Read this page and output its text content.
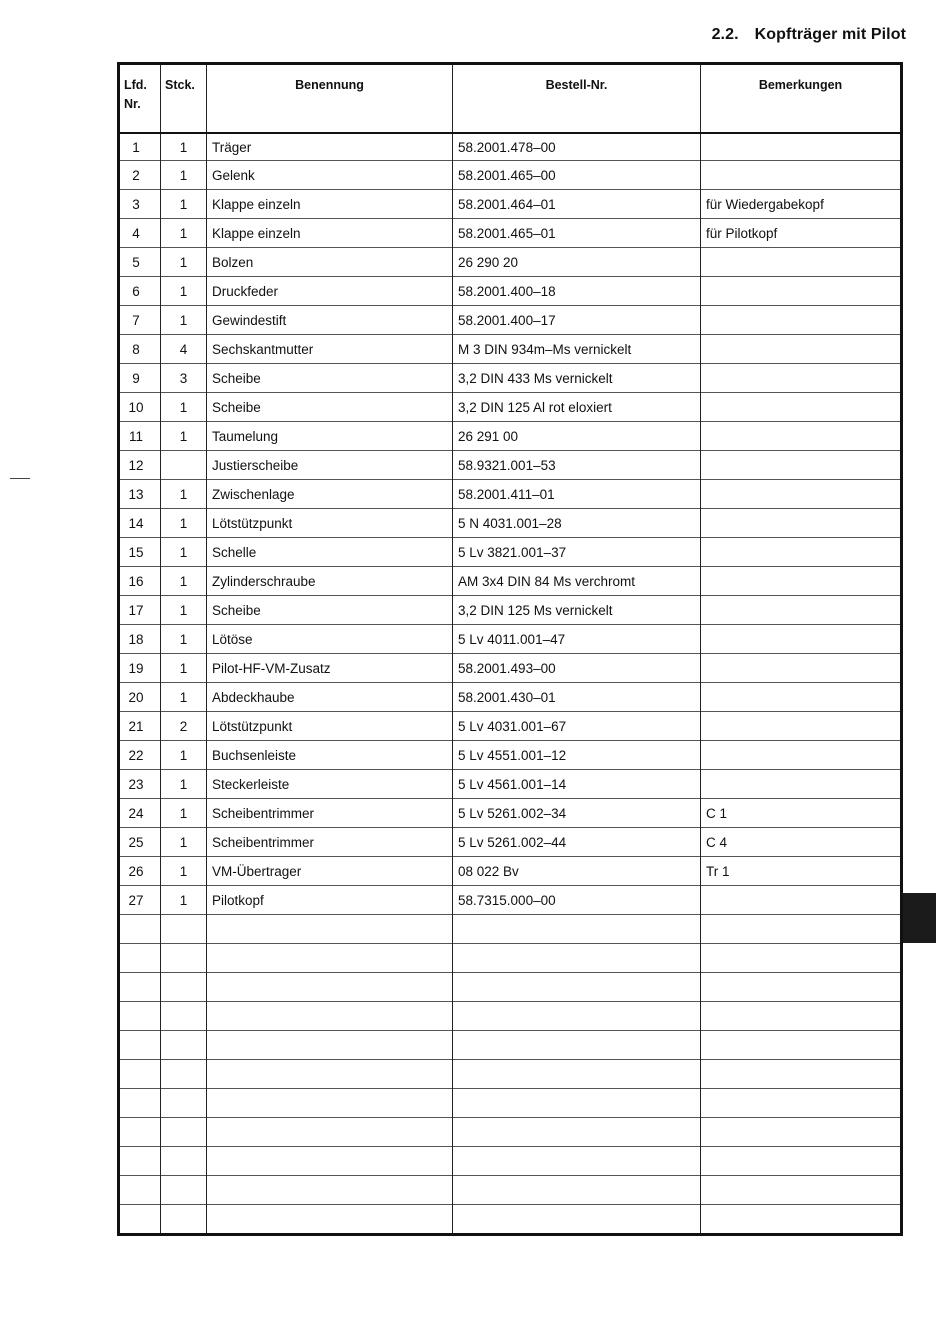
2.2. Kopfträger mit Pilot
Lfd.
Nr.	Stck.	Benennung	Bestell-Nr.	Bemerkungen
1	1	Träger	58.2001.478–00	
2	1	Gelenk	58.2001.465–00	
3	1	Klappe einzeln	58.2001.464–01	für Wiedergabekopf
4	1	Klappe einzeln	58.2001.465–01	für Pilotkopf
5	1	Bolzen	26 290 20	
6	1	Druckfeder	58.2001.400–18	
7	1	Gewindestift	58.2001.400–17	
8	4	Sechskantmutter	M 3 DIN 934m–Ms vernickelt	
9	3	Scheibe	3,2 DIN 433 Ms vernickelt	
10	1	Scheibe	3,2 DIN 125 Al rot eloxiert	
11	1	Taumelung	26 291 00	
12		Justierscheibe	58.9321.001–53	
13	1	Zwischenlage	58.2001.411–01	
14	1	Lötstützpunkt	5 N 4031.001–28	
15	1	Schelle	5 Lv 3821.001–37	
16	1	Zylinderschraube	AM 3x4 DIN 84 Ms verchromt	
17	1	Scheibe	3,2 DIN 125 Ms vernickelt	
18	1	Lötöse	5 Lv 4011.001–47	
19	1	Pilot-HF-VM-Zusatz	58.2001.493–00	
20	1	Abdeckhaube	58.2001.430–01	
21	2	Lötstützpunkt	5 Lv 4031.001–67	
22	1	Buchsenleiste	5 Lv 4551.001–12	
23	1	Steckerleiste	5 Lv 4561.001–14	
24	1	Scheibentrimmer	5 Lv 5261.002–34	C 1
25	1	Scheibentrimmer	5 Lv 5261.002–44	C 4
26	1	VM-Übertrager	08 022 Bv	Tr 1
27	1	Pilotkopf	58.7315.000–00	
